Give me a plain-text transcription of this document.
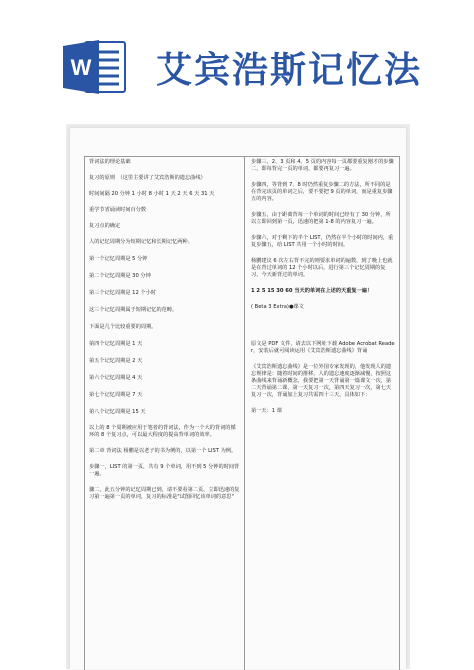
W 艾宾浩斯记忆法
背词法的理论基础
复习的原则　（这里主要讲了艾宾浩斯的遗忘曲线）
时间间隔 20 分钟 1 小时 8 小时 1 天 2 天 6 天 31 天
重学节省诵读时间百分数
复习点的确定
人的记忆周期分为短期记忆和长期记忆两种。
第一个记忆周期是 5 分钟
第二个记忆周期是 30 分钟
第三个记忆周期是 12 个小时
这三个记忆周期属于短期记忆的范畴。
下面是几个比较重要的周期。
第四个记忆周期是 1 天
第五个记忆周期是 2 天
第六个记忆周期是 4 天
第七个记忆周期是 7 天
第八个记忆周期是 15 天
以上的 8 个周期被应用于笔者的背词法，作为一个大的背词的循环的 8 个复习点，可以最大程度的提高背单词的效率。
第二章 背词法 杨鹏是以老子的书为例的，以第一个 LIST 为例。
步骤一，LIST 的第一页，共有 9 个单词，用不到 5 分钟的时间背一遍。
骤二，此五分钟的记忆周期已到，请不要看第二页，立即迅速的复习第一遍第一页的单词，复习的标准是"试图回忆该单词的意思"
步骤三，2、3 页和 4、5 页的内容每一页都要重复刚才的步骤二，即每背完一页的单词，都要再复习一遍。
步骤四，等背到 7、8 时仍然重复步骤二的方法，所不同的是在背完该页的单词之后，要不要把 9 页的单词，而是重复步骤五的内容。
步骤五，由于距离背每一个单词的时间已经有了 30 分钟，所以立即回到第一页，迅速的把第 1-8 的内容复习一遍。
步骤六，对于剩下的半个 LIST，仍然在半个小时的时间内，重复步骤五，给 LIST 共用一个小时的时间。
杨鹏建议 6 次左右背不完的则要求单词的遍数，到了晚上也就是在背过单词的 12 个小时以后，进行第三个记忆周期的复习，今天新背过的单词。
1 2 5 15 30 60 当天的单词在上述的天重复一遍！
( Beta 3 Extra)●课文
原文是 PDF 文件，请去以下网址下载 Adobe Acrobat Reader，安装后就可阅读运用《艾宾浩斯遗忘曲线》背诵
《艾宾浩斯遗忘曲线》是一位外国专家发现的，他发现人的遗忘规律是：随着时间的推移，人的遗忘速度逐渐减慢，按照这条曲线来背诵新概念，我要把第一天背诵第一篇课文一次，第二天背诵第二课，第一天复习一次，第四天复习一次，第七天复习一次，背诵加上复习共需四十三天，具体如下：
第一天：1 课
